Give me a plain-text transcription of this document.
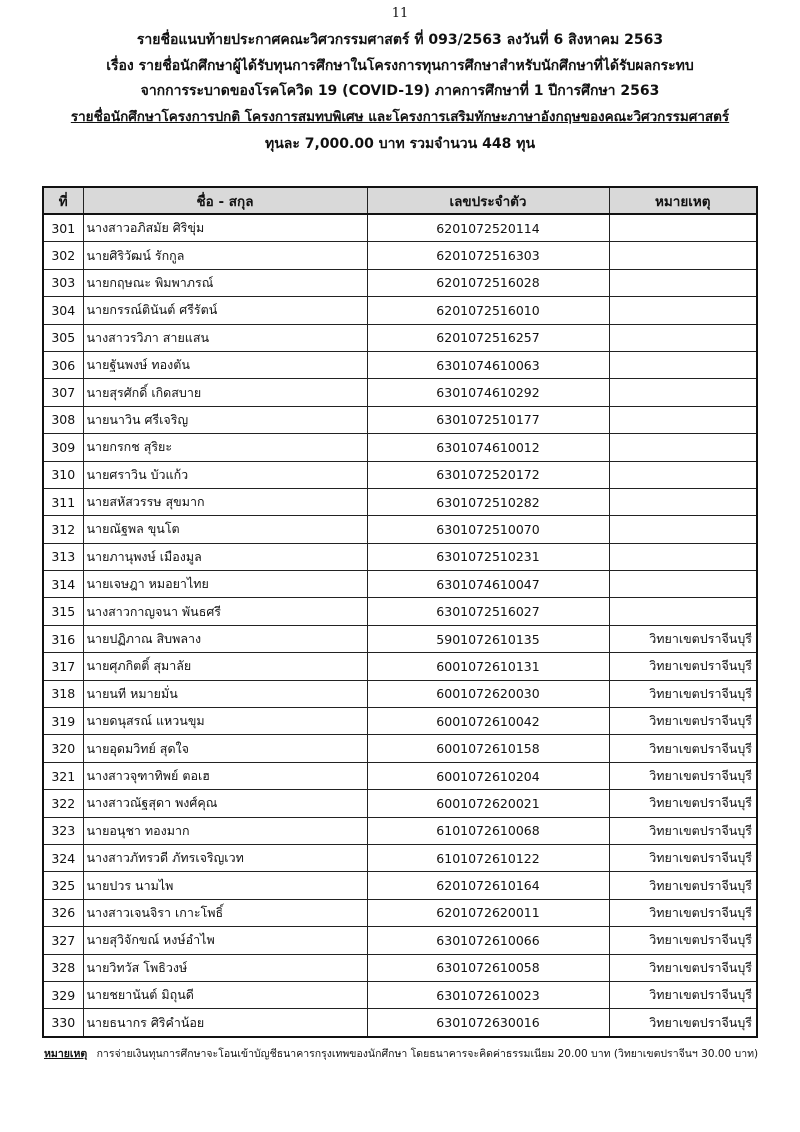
11
รายชื่อแนบท้ายประกาศคณะวิศวกรรมศาสตร์ ที่ 093/2563 ลงวันที่ 6 สิงหาคม 2563
เรื่อง รายชื่อนักศึกษาผู้ได้รับทุนการศึกษาในโครงการทุนการศึกษาสำหรับนักศึกษาที่ได้รับผลกระทบ
จากการระบาดของโรคโควิด 19 (COVID-19) ภาคการศึกษาที่ 1 ปีการศึกษา 2563
รายชื่อนักศึกษาโครงการปกติ โครงการสมทบพิเศษ และโครงการเสริมทักษะภาษาอังกฤษของคณะวิศวกรรมศาสตร์
ทุนละ 7,000.00 บาท รวมจำนวน 448 ทุน
ที่	ชื่อ - สกุล	เลขประจำตัว	หมายเหตุ
301	นางสาวอภิสมัย ศิริขุ่ม	6201072520114	
302	นายศิริวัฒน์ รักกูล	6201072516303	
303	นายกฤษณะ พิมพาภรณ์	6201072516028	
304	นายกรรณ์ตินันต์ ศรีรัตน์	6201072516010	
305	นางสาวรวิภา สายแสน	6201072516257	
306	นายฐันพงษ์ ทองตัน	6301074610063	
307	นายสุรศักดิ์ เกิดสบาย	6301074610292	
308	นายนาวิน ศรีเจริญ	6301072510177	
309	นายกรกช สุริยะ	6301074610012	
310	นายศราวิน บัวแก้ว	6301072520172	
311	นายสหัสวรรษ สุขมาก	6301072510282	
312	นายณัฐพล ขุนโต	6301072510070	
313	นายภานุพงษ์ เมืองมูล	6301072510231	
314	นายเจษฎา หมอยาไทย	6301074610047	
315	นางสาวกาญจนา พันธศรี	6301072516027	
316	นายปฏิภาณ สิบพลาง	5901072610135	วิทยาเขตปราจีนบุรี
317	นายศุภกิตติ์ สุมาลัย	6001072610131	วิทยาเขตปราจีนบุรี
318	นายนที หมายมั่น	6001072620030	วิทยาเขตปราจีนบุรี
319	นายดนุสรณ์ แหวนขุม	6001072610042	วิทยาเขตปราจีนบุรี
320	นายอุดมวิทย์ สุดใจ	6001072610158	วิทยาเขตปราจีนบุรี
321	นางสาวจุฑาทิพย์ ตอเฮ	6001072610204	วิทยาเขตปราจีนบุรี
322	นางสาวณัฐสุดา พงศ์คุณ	6001072620021	วิทยาเขตปราจีนบุรี
323	นายอนุชา ทองมาก	6101072610068	วิทยาเขตปราจีนบุรี
324	นางสาวภัทรวดี ภัทรเจริญเวท	6101072610122	วิทยาเขตปราจีนบุรี
325	นายปวร นามไพ	6201072610164	วิทยาเขตปราจีนบุรี
326	นางสาวเจนจิรา เกาะโพธิ์	6201072620011	วิทยาเขตปราจีนบุรี
327	นายสุวิจักขณ์ หงษ์อำไพ	6301072610066	วิทยาเขตปราจีนบุรี
328	นายวิทวัส โพธิวงษ์	6301072610058	วิทยาเขตปราจีนบุรี
329	นายชยานันต์ มิถุนดี	6301072610023	วิทยาเขตปราจีนบุรี
330	นายธนากร ศิริคำน้อย	6301072630016	วิทยาเขตปราจีนบุรี
หมายเหตุ การจ่ายเงินทุนการศึกษาจะโอนเข้าบัญชีธนาคารกรุงเทพของนักศึกษา โดยธนาคารจะคิดค่าธรรมเนียม 20.00 บาท (วิทยาเขตปราจีนฯ 30.00 บาท)
